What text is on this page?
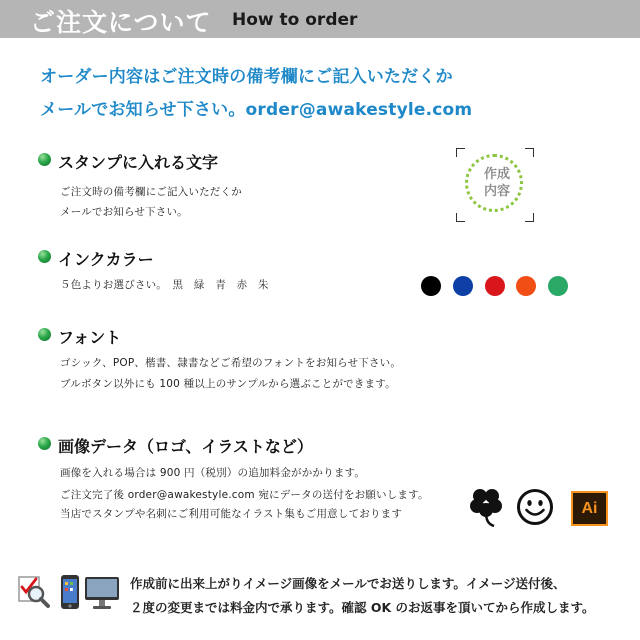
ご注文について How to order
オーダー内容はご注文時の備考欄にご記入いただくか
メールでお知らせ下さい。order@awakestyle.com
スタンプに入れる文字
ご注文時の備考欄にご記入いただくか
メールでお知らせ下さい。
作成
内容
インクカラー
５色よりお選びさい。　黒　緑　青　赤　朱
フォント
ゴシック、POP、楷書、隷書などご希望のフォントをお知らせ下さい。
ブルボタン以外にも 100 種以上のサンプルから選ぶことができます。
画像データ（ロゴ、イラストなど）
画像を入れる場合は 900 円（税別）の追加料金がかかります。
ご注文完了後 order@awakestyle.com 宛にデータの送付をお願いします。
当店でスタンプや名刺にご利用可能なイラスト集もご用意しております	Ai
作成前に出来上がりイメージ画像をメールでお送りします。イメージ送付後、
２度の変更までは料金内で承ります。確認 OK のお返事を頂いてから作成します。
